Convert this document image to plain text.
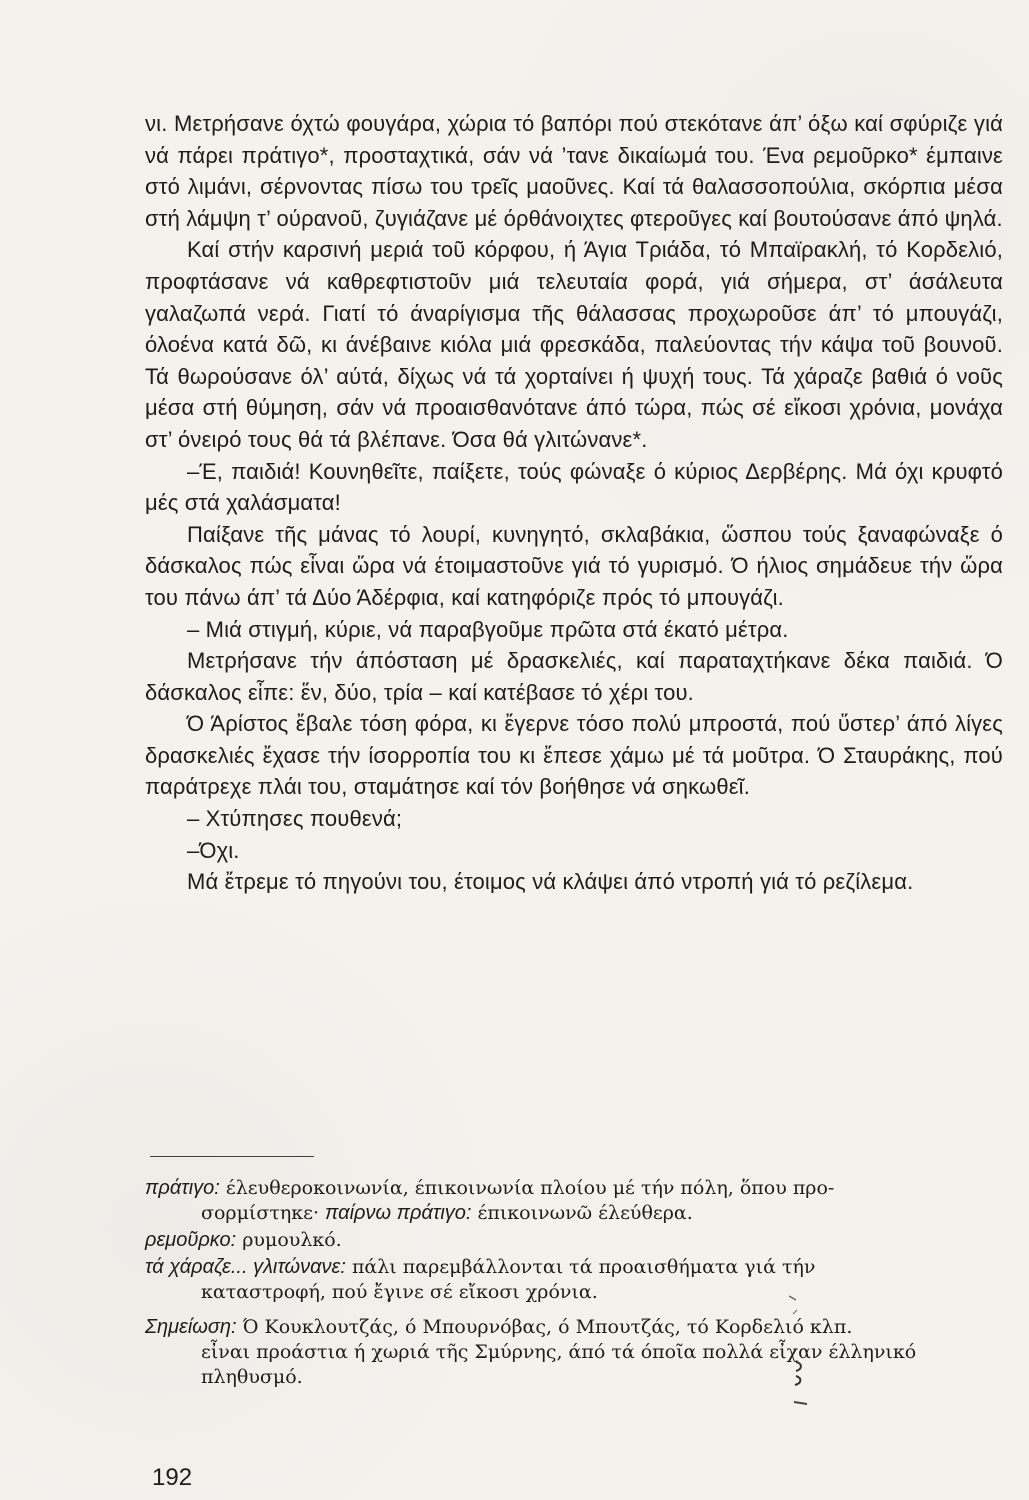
νι. Μετρήσανε όχτώ φουγάρα, χώρια τό βαπόρι πού στεκότανε άπ’ όξω καί σφύριζε γιά νά πάρει πράτιγο*, προσταχτικά, σάν νά ’τανε δικαίωμά του. Ένα ρεμοῦρκο* έμπαινε στό λιμάνι, σέρνοντας πίσω του τρεῖς μαοῦνες. Καί τά θαλασσοπούλια, σκόρπια μέσα στή λάμψη τ’ ούρανοῦ, ζυγιάζανε μέ όρθάνοιχτες φτεροῦγες καί βουτούσανε άπό ψηλά.

Καί στήν καρσινή μεριά τοῦ κόρφου, ή Άγια Τριάδα, τό Μπαϊρακλή, τό Κορδελιό, προφτάσανε νά καθρεφτιστοῦν μιά τελευταία φορά, γιά σήμερα, στ’ άσάλευτα γαλαζωπά νερά. Γιατί τό άναρίγισμα τῆς θάλασσας προχωροῦσε άπ’ τό μπουγάζι, όλοένα κατά δῶ, κι άνέβαινε κιόλα μιά φρεσκάδα, παλεύοντας τήν κάψα τοῦ βουνοῦ. Τά θωρούσανε όλ’ αύτά, δίχως νά τά χορταίνει ή ψυχή τους. Τά χάραζε βαθιά ό νοῦς μέσα στή θύμηση, σάν νά προαισθανότανε άπό τώρα, πώς σέ εἴκοσι χρόνια, μονάχα στ’ όνειρό τους θά τά βλέπανε. Όσα θά γλιτώνανε*.

–Έ, παιδιά! Κουνηθεῖτε, παίξετε, τούς φώναξε ό κύριος Δερβέρης. Μά όχι κρυφτό μές στά χαλάσματα!

Παίξανε τῆς μάνας τό λουρί, κυνηγητό, σκλαβάκια, ὥσπου τούς ξαναφώναξε ό δάσκαλος πώς εἶναι ὥρα νά έτοιμαστοῦνε γιά τό γυρισμό. Ό ήλιος σημάδευε τήν ὥρα του πάνω άπ’ τά Δύο Άδέρφια, καί κατηφόριζε πρός τό μπουγάζι.

– Μιά στιγμή, κύριε, νά παραβγοῦμε πρῶτα στά έκατό μέτρα.

Μετρήσανε τήν άπόσταση μέ δρασκελιές, καί παραταχτήκανε δέκα παιδιά. Ό δάσκαλος εἶπε: ἕν, δύο, τρία – καί κατέβασε τό χέρι του.

Ό Άρίστος ἔβαλε τόση φόρα, κι ἔγερνε τόσο πολύ μπροστά, πού ὕστερ’ άπό λίγες δρασκελιές ἔχασε τήν ίσορροπία του κι ἔπεσε χάμω μέ τά μοῦτρα. Ό Σταυράκης, πού παράτρεχε πλάι του, σταμάτησε καί τόν βοήθησε νά σηκωθεῖ.

– Χτύπησες πουθενά;

–Όχι.

Μά ἔτρεμε τό πηγούνι του, έτοιμος νά κλάψει άπό ντροπή γιά τό ρεζίλεμα.

πράτιγο: έλευθεροκοινωνία, έπικοινωνία πλοίου μέ τήν πόλη, ὅπου προ-
σορμίστηκε· παίρνω πράτιγο: έπικοινωνῶ έλεύθερα.

ρεμοῦρκο: ρυμουλκό.

τά χάραζε... γλιτώνανε: πάλι παρεμβάλλονται τά προαισθήματα γιά τήν
καταστροφή, πού ἔγινε σέ εἴκοσι χρόνια.

Σημείωση: Ό Κουκλουτζάς, ό Μπουρνόβας, ό Μπουτζάς, τό Κορδελιό κλπ.
εἶναι προάστια ή χωριά τῆς Σμύρνης, άπό τά όποῖα πολλά εἶχαν έλληνικό
πληθυσμό.

192
